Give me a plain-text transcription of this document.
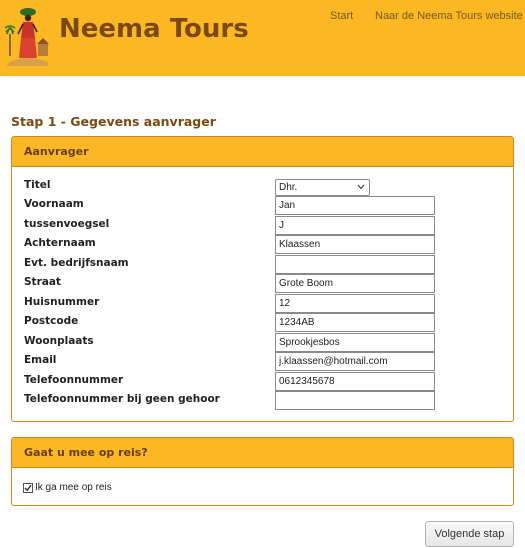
Neema Tours	Start Naar de Neema Tours website
Stap 1 - Gegevens aanvrager
Aanvrager
Titel	Dhr.
Voornaam
Jan
tussenvoegsel
J
Achternaam
Klaassen
Evt. bedrijfsnaam
Straat
Grote Boom
Huisnummer
12
Postcode
1234AB
Woonplaats
Sprookjesbos
Email
j.klaassen@hotmail.com
Telefoonnummer
0612345678
Telefoonnummer bij geen gehoor
Gaat u mee op reis?
Ik ga mee op reis
Volgende stap
